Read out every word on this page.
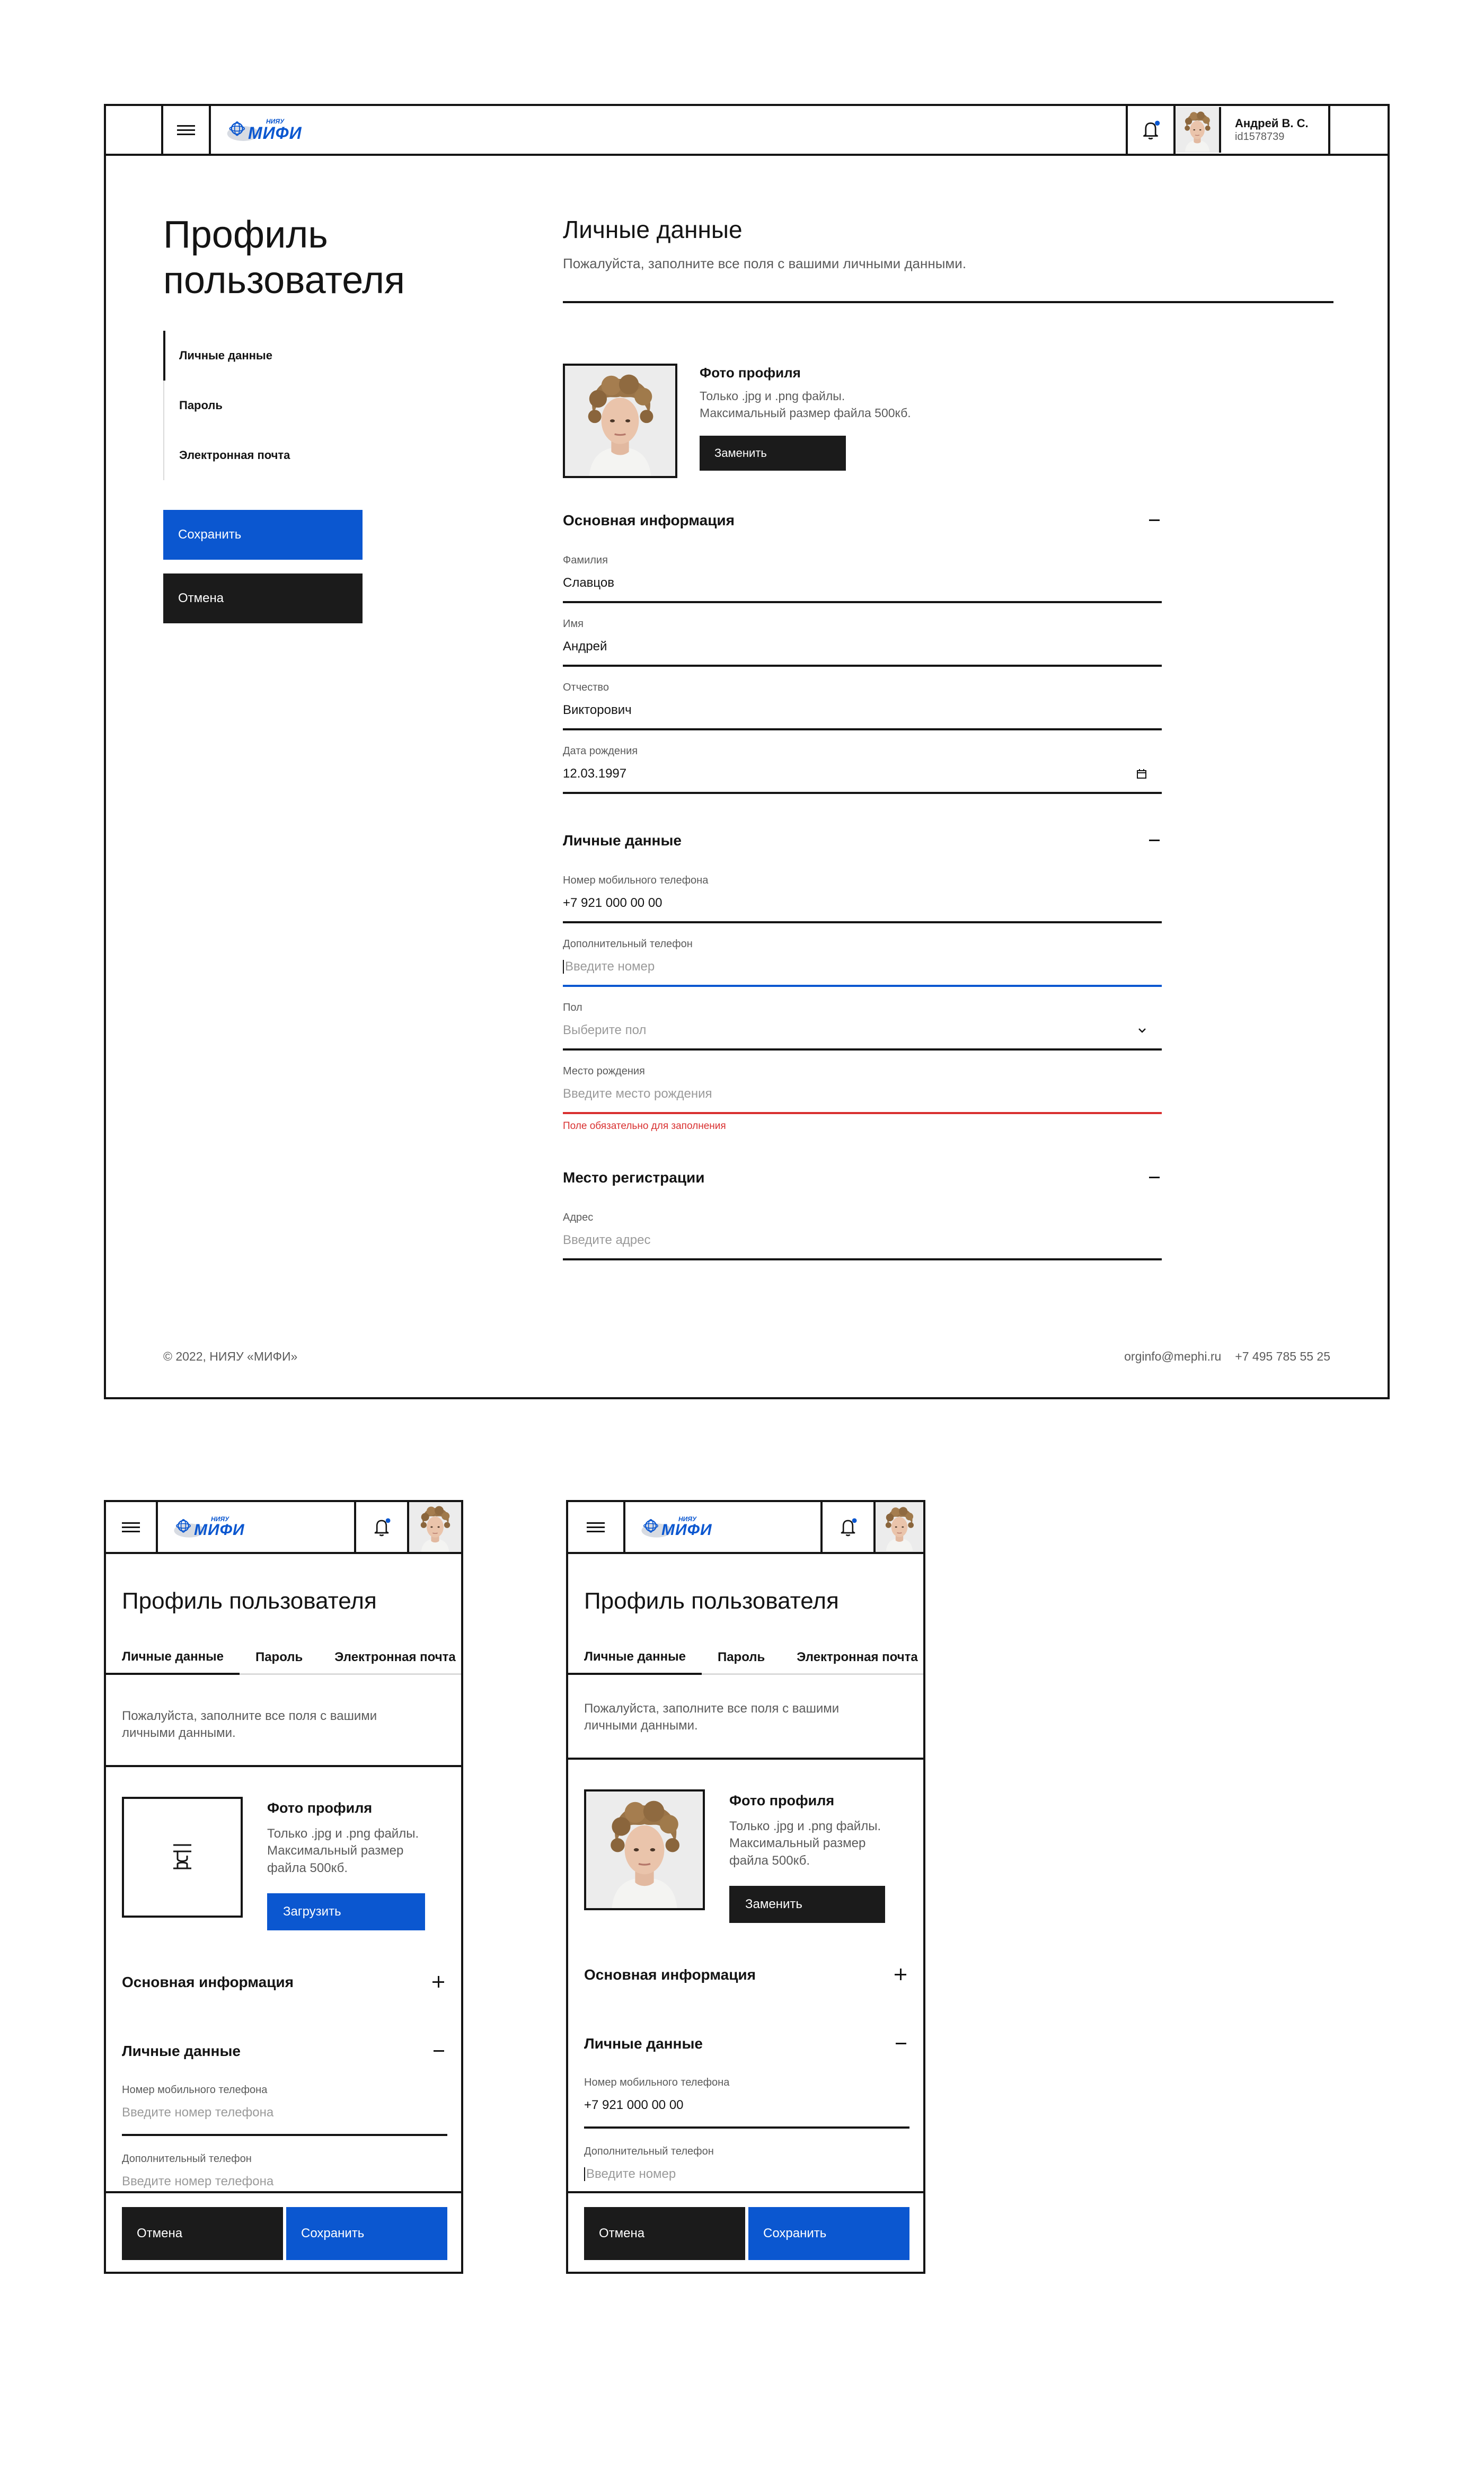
НИЯУ
МИФИ
Андрей В. С.
id1578739
Профиль
пользователя
Личные данные
Пароль
Электронная почта
Сохранить
Отмена
Личные данные
Пожалуйста, заполните все поля с вашими личными данными.
Фото профиля
Только .jpg и .png файлы.
Максимальный размер файла 500кб.
Заменить
Основная информация
Фамилия
Славцов
Имя
Андрей
Отчество
Викторович
Дата рождения
12.03.1997
Личные данные
Номер мобильного телефона
+7 921 000 00 00
Дополнительный телефон
Введите номер
Пол
Выберите пол
Место рождения
Введите место рождения
Поле обязательно для заполнения
Место регистрации
Адрес
Введите адрес
© 2022, НИЯУ «МИФИ»	orginfo@mephi.ru +7 495 785 55 25
НИЯУ
МИФИ
Профиль пользователя
Личные данные	Пароль	Электронная почта
Пожалуйста, заполните все поля с вашими
личными данными.
Фото профиля
Только .jpg и .png файлы.
Максимальный размер
файла 500кб.
Загрузить
Основная информация
Личные данные
Номер мобильного телефона
Введите номер телефона
Дополнительный телефон
Введите номер телефона
Отмена	Сохранить
НИЯУ
МИФИ
Профиль пользователя
Личные данные	Пароль	Электронная почта
Пожалуйста, заполните все поля с вашими
личными данными.
Фото профиля
Только .jpg и .png файлы.
Максимальный размер
файла 500кб.
Заменить
Основная информация
Личные данные
Номер мобильного телефона
+7 921 000 00 00
Дополнительный телефон
Введите номер
Отмена	Сохранить
